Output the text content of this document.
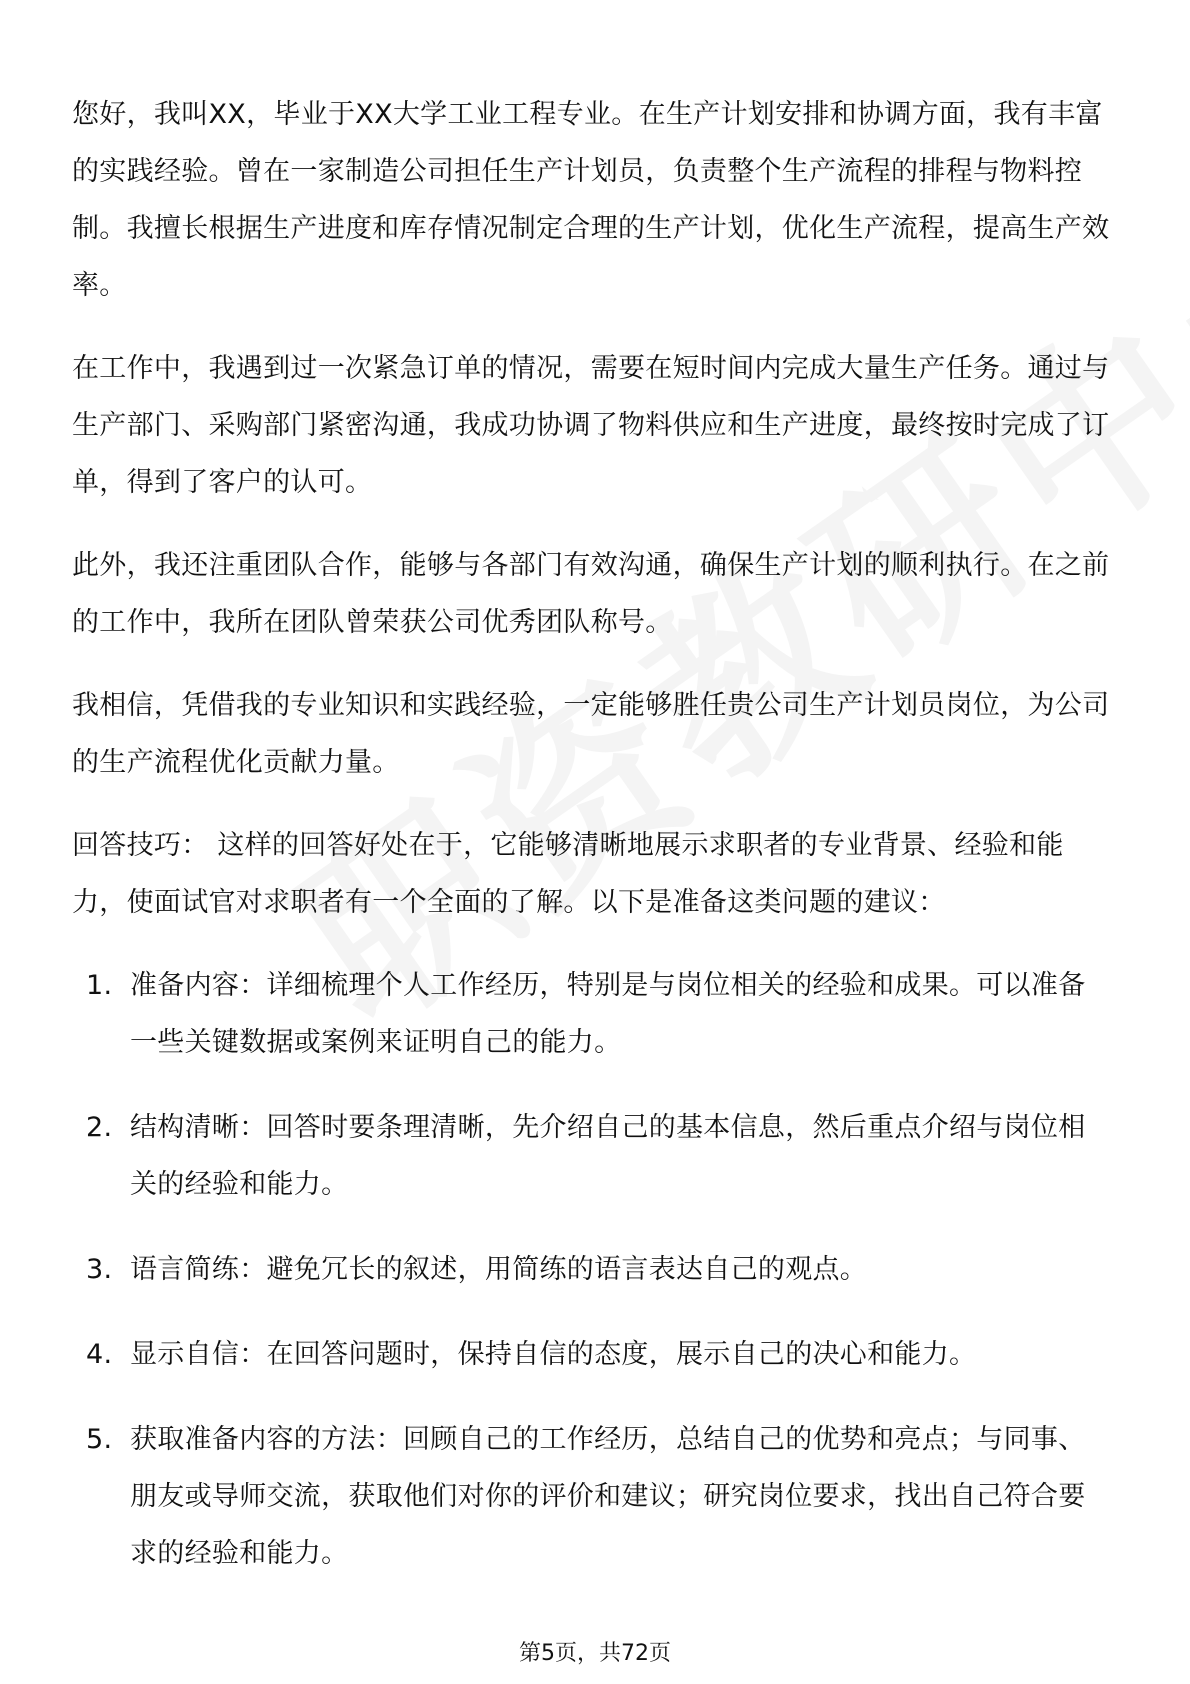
您好，我叫XX，毕业于XX大学工业工程专业。在生产计划安排和协调方面，我有丰富的实践经验。曾在一家制造公司担任生产计划员，负责整个生产流程的排程与物料控制。我擅长根据生产进度和库存情况制定合理的生产计划，优化生产流程，提高生产效率。

在工作中，我遇到过一次紧急订单的情况，需要在短时间内完成大量生产任务。通过与生产部门、采购部门紧密沟通，我成功协调了物料供应和生产进度，最终按时完成了订单，得到了客户的认可。

此外，我还注重团队合作，能够与各部门有效沟通，确保生产计划的顺利执行。在之前的工作中，我所在团队曾荣获公司优秀团队称号。

我相信，凭借我的专业知识和实践经验，一定能够胜任贵公司生产计划员岗位，为公司的生产流程优化贡献力量。

回答技巧： 这样的回答好处在于，它能够清晰地展示求职者的专业背景、经验和能力，使面试官对求职者有一个全面的了解。以下是准备这类问题的建议：

1. 准备内容：详细梳理个人工作经历，特别是与岗位相关的经验和成果。可以准备一些关键数据或案例来证明自己的能力。
2. 结构清晰：回答时要条理清晰，先介绍自己的基本信息，然后重点介绍与岗位相关的经验和能力。
3. 语言简练：避免冗长的叙述，用简练的语言表达自己的观点。
4. 显示自信：在回答问题时，保持自信的态度，展示自己的决心和能力。
5. 获取准备内容的方法：回顾自己的工作经历，总结自己的优势和亮点；与同事、朋友或导师交流，获取他们对你的评价和建议；研究岗位要求，找出自己符合要求的经验和能力。
第5页，共72页
